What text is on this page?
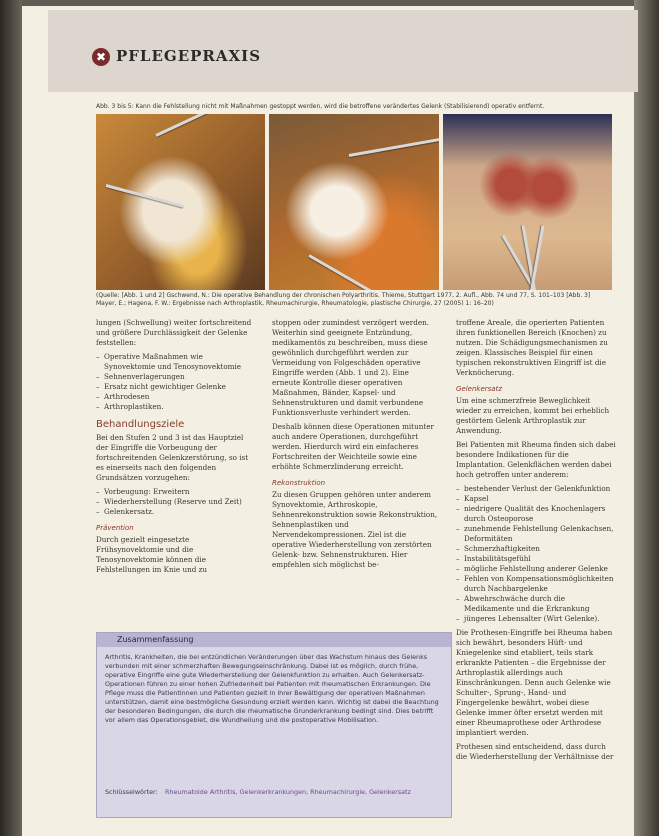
✖ PFLEGEPRAXIS
Abb. 3 bis 5: Kann die Fehlstellung nicht mit Maßnahmen gestoppt werden, wird die betroffene verändertes Gelenk (Stabilisierend) operativ entfernt.
(Quelle: [Abb. 1 und 2] Gschwend, N.: Die operative Behandlung der chronischen Polyarthritis. Thieme, Stuttgart 1977, 2. Aufl., Abb. 74 und 77, S. 101–103 [Abb. 3] Mayer, E.; Hagena, F. W.: Ergebnisse nach Arthroplastik, Rheumachirurgie, Rheumatologie, plastische Chirurgie, 27 (2005) 1: 16–20)

lungen (Schwellung) weiter fortschreitend und größere Durchlässigkeit der Gelenke feststellen:

– Operative Maßnahmen wie Synovektomie und Tenosynovektomie
– Sehnenverlagerungen
– Ersatz nicht gewichtiger Gelenke
– Arthrodesen
– Arthroplastiken.
Behandlungsziele

Bei den Stufen 2 und 3 ist das Hauptziel der Eingriffe die Vorbeugung der fortschreitenden Gelenkzerstörung, so ist es einerseits nach den folgenden Grundsätzen vorzugehen:

– Vorbeugung: Erweitern
– Wiederherstellung (Reserve und Zeit)
– Gelenkersatz.
Prävention

Durch gezielt eingesetzte Frühsynovektomie und die Tenosynovektomie können die Fehlstellungen im Knie und zu

stoppen oder zumindest verzögert werden. Weiterhin sind geeignete Entzündung, medikamentös zu beschreiben, muss diese gewöhnlich durchgeführt werden zur Vermeidung von Folgeschäden operative Eingriffe werden (Abb. 1 und 2). Eine erneute Kontrolle dieser operativen Maßnahmen, Bänder, Kapsel- und Sehnenstrukturen und damit verbundene Funktionsverluste verhindert werden.

Deshalb können diese Operationen mitunter auch andere Operationen, durchgeführt werden. Hierdurch wird ein einfacheres Fortschreiten der Weichteile sowie eine erhöhte Schmerzlinderung erreicht.

Rekonstruktion

Zu diesen Gruppen gehören unter anderem Synovektomie, Arthroskopie, Sehnenrekonstruktion sowie Rekonstruktion, Sehnenplastiken und Nervendekompressionen. Ziel ist die operative Wiederherstellung von zerstörten Gelenk- bzw. Sehnenstrukturen. Hier empfehlen sich möglichst be-

troffene Areale, die operierten Patienten ihren funktionellen Bereich (Knochen) zu nutzen. Die Schädigungsmechanismen zu zeigen. Klassisches Beispiel für einen typischen rekonstruktiven Eingriff ist die Verknöcherung.

Gelenkersatz

Um eine schmerzfreie Beweglichkeit wieder zu erreichen, kommt bei erheblich gestörtem Gelenk Arthroplastik zur Anwendung.

Bei Patienten mit Rheuma finden sich dabei besondere Indikationen für die Implantation. Gelenkflächen werden dabei hoch getroffen unter anderem:

– bestehender Verlust der Gelenkfunktion
– Kapsel
– niedrigere Qualität des Knochenlagers durch Osteoporose
– zunehmende Fehlstellung Gelenkachsen, Deformitäten
– Schmerzhaftigkeiten
– Instabilitätsgefühl
– mögliche Fehlstellung anderer Gelenke
– Fehlen von Kompensationsmöglichkeiten durch Nachbargelenke
– Abwehrschwäche durch die Medikamente und die Erkrankung
– jüngeres Lebensalter (Wirt Gelenke).

Die Prothesen-Eingriffe bei Rheuma haben sich bewährt, besonders Hüft- und Kniegelenke sind etabliert, teils stark erkrankte Patienten – die Ergebnisse der Arthroplastik allerdings auch Einschränkungen. Denn auch Gelenke wie Schulter-, Sprung-, Hand- und Fingergelenke bewährt, wobei diese Gelenke immer öfter ersetzt werden mit einer Rheumaprothese oder Arthrodese implantiert werden.

Prothesen sind entscheidend, dass durch die Wiederherstellung der Verhältnisse der

Zusammenfassung
Arthritis, Krankheiten, die bei entzündlichen Veränderungen über das Wachstum hinaus des Gelenks verbunden mit einer schmerzhaften Bewegungseinschränkung. Dabei ist es möglich, durch frühe, operative Eingriffe eine gute Wiederherstellung der Gelenkfunktion zu erhalten. Auch Gelenkersatz-Operationen führen zu einer hohen Zufriedenheit bei Patienten mit rheumatischen Erkrankungen. Die Pflege muss die Patientinnen und Patienten gezielt in ihrer Bewältigung der operativen Maßnahmen unterstützen, damit eine bestmögliche Gesundung erzielt werden kann. Wichtig ist dabei die Beachtung der besonderen Bedingungen, die durch die rheumatische Grunderkrankung bedingt sind. Dies betrifft vor allem das Operationsgebiet, die Wundheilung und die postoperative Mobilisation.
Schlüsselwörter: Rheumatoide Arthritis, Gelenkerkrankungen, Rheumachirurgie, Gelenkersatz
